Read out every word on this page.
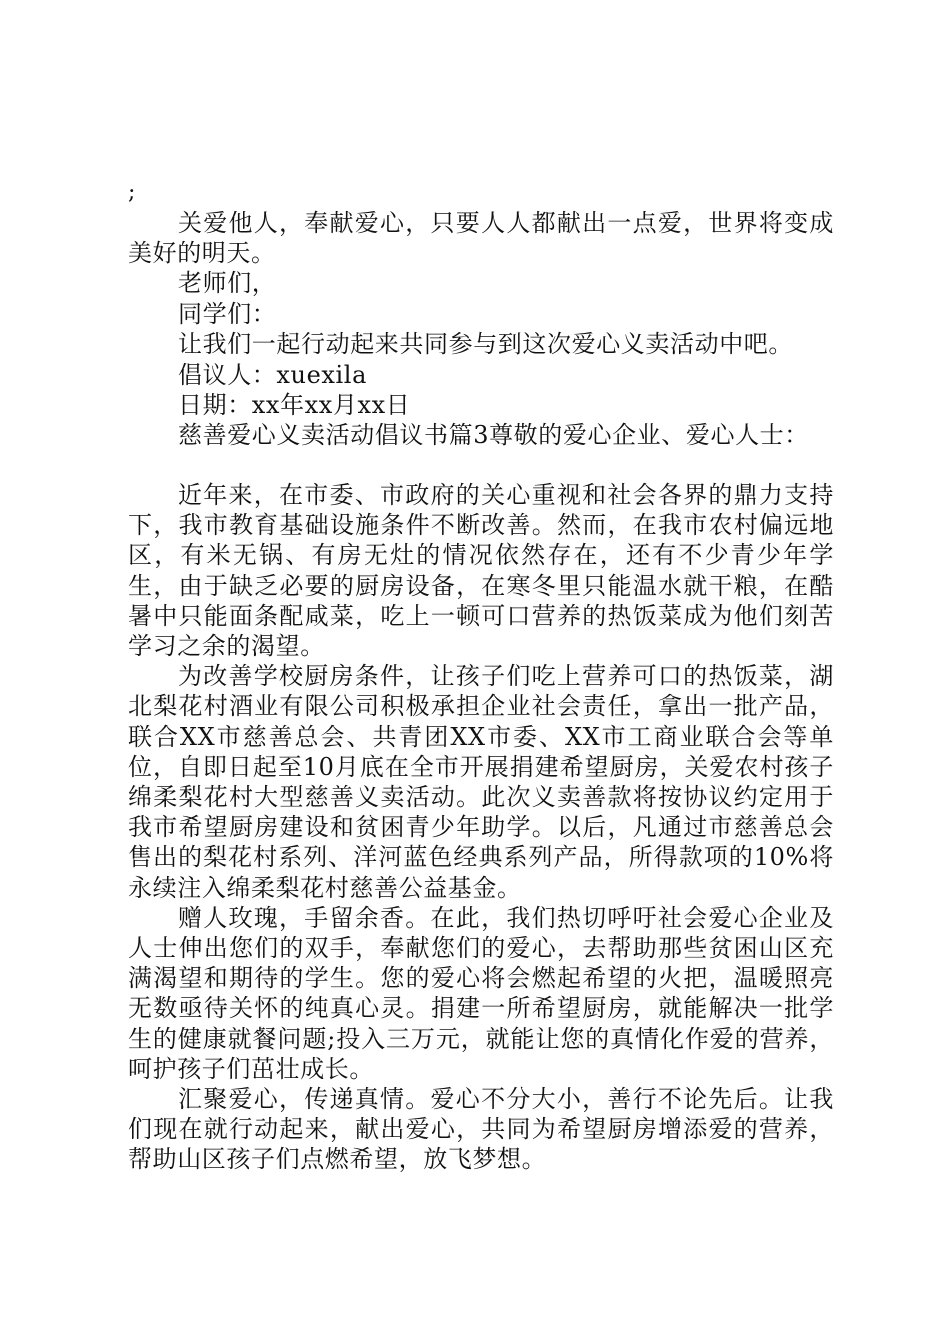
;

关爱他人，奉献爱心，只要人人都献出一点爱，世界将变成美好的明天。

老师们，

同学们：

让我们一起行动起来共同参与到这次爱心义卖活动中吧。

倡议人：xuexila

日期：xx年xx月xx日

慈善爱心义卖活动倡议书篇3尊敬的爱心企业、爱心人士：

近年来，在市委、市政府的关心重视和社会各界的鼎力支持下，我市教育基础设施条件不断改善。然而，在我市农村偏远地区，有米无锅、有房无灶的情况依然存在，还有不少青少年学生，由于缺乏必要的厨房设备，在寒冬里只能温水就干粮，在酷暑中只能面条配咸菜，吃上一顿可口营养的热饭菜成为他们刻苦学习之余的渴望。

为改善学校厨房条件，让孩子们吃上营养可口的热饭菜，湖北梨花村酒业有限公司积极承担企业社会责任，拿出一批产品，联合XX市慈善总会、共青团XX市委、XX市工商业联合会等单位，自即日起至10月底在全市开展捐建希望厨房，关爱农村孩子绵柔梨花村大型慈善义卖活动。此次义卖善款将按协议约定用于我市希望厨房建设和贫困青少年助学。以后，凡通过市慈善总会售出的梨花村系列、洋河蓝色经典系列产品，所得款项的10%将永续注入绵柔梨花村慈善公益基金。

赠人玫瑰，手留余香。在此，我们热切呼吁社会爱心企业及人士伸出您们的双手，奉献您们的爱心，去帮助那些贫困山区充满渴望和期待的学生。您的爱心将会燃起希望的火把，温暖照亮无数亟待关怀的纯真心灵。捐建一所希望厨房，就能解决一批学生的健康就餐问题;投入三万元，就能让您的真情化作爱的营养，呵护孩子们茁壮成长。

汇聚爱心，传递真情。爱心不分大小，善行不论先后。让我们现在就行动起来，献出爱心，共同为希望厨房增添爱的营养，帮助山区孩子们点燃希望，放飞梦想。
